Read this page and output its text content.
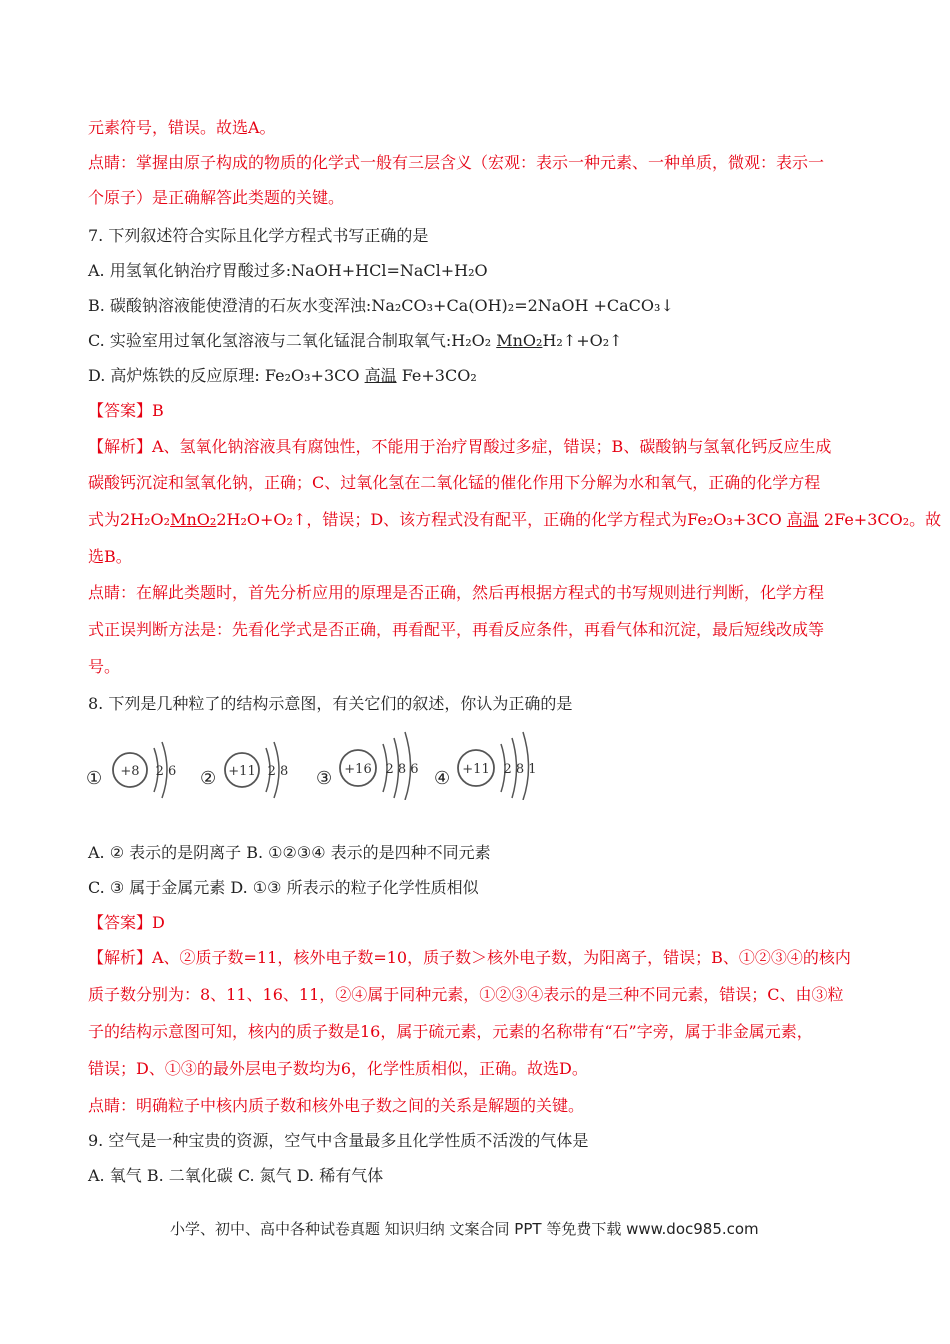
元素符号，错误。故选A。
点睛：掌握由原子构成的物质的化学式一般有三层含义（宏观：表示一种元素、一种单质，微观：表示一
个原子）是正确解答此类题的关键。
7. 下列叙述符合实际且化学方程式书写正确的是
A. 用氢氧化钠治疗胃酸过多:NaOH+HCl=NaCl+H₂O
B. 碳酸钠溶液能使澄清的石灰水变浑浊:Na₂CO₃+Ca(OH)₂=2NaOH +CaCO₃↓
C. 实验室用过氧化氢溶液与二氧化锰混合制取氧气:H₂O₂ MnO₂H₂↑+O₂↑
D. 高炉炼铁的反应原理: Fe₂O₃+3CO 高温 Fe+3CO₂
【答案】B
【解析】A、氢氧化钠溶液具有腐蚀性，不能用于治疗胃酸过多症，错误；B、碳酸钠与氢氧化钙反应生成
碳酸钙沉淀和氢氧化钠，正确；C、过氧化氢在二氧化锰的催化作用下分解为水和氧气，正确的化学方程
式为2H₂O₂MnO₂2H₂O+O₂↑，错误；D、该方程式没有配平，正确的化学方程式为Fe₂O₃+3CO 高温 2Fe+3CO₂。故
选B。
点睛：在解此类题时，首先分析应用的原理是否正确，然后再根据方程式的书写规则进行判断，化学方程
式正误判断方法是：先看化学式是否正确，再看配平，再看反应条件，再看气体和沉淀，最后短线改成等
号。
8. 下列是几种粒了的结构示意图，有关它们的叙述，你认为正确的是
① +8 2 6 ② +11 2 8 ③ +16 2 8 6 ④ +11 2 8 1
A. ② 表示的是阴离子 B. ①②③④ 表示的是四种不同元素
C. ③ 属于金属元素 D. ①③ 所表示的粒子化学性质相似
【答案】D
【解析】A、②质子数=11，核外电子数=10，质子数＞核外电子数，为阳离子，错误；B、①②③④的核内
质子数分别为：8、11、16、11，②④属于同种元素，①②③④表示的是三种不同元素，错误；C、由③粒
子的结构示意图可知，核内的质子数是16，属于硫元素，元素的名称带有“石”字旁，属于非金属元素，
错误；D、①③的最外层电子数均为6，化学性质相似，正确。故选D。
点睛：明确粒子中核内质子数和核外电子数之间的关系是解题的关键。
9. 空气是一种宝贵的资源，空气中含量最多且化学性质不活泼的气体是
A. 氧气 B. 二氧化碳 C. 氮气 D. 稀有气体
小学、初中、高中各种试卷真题 知识归纳 文案合同 PPT 等免费下载 www.doc985.com
